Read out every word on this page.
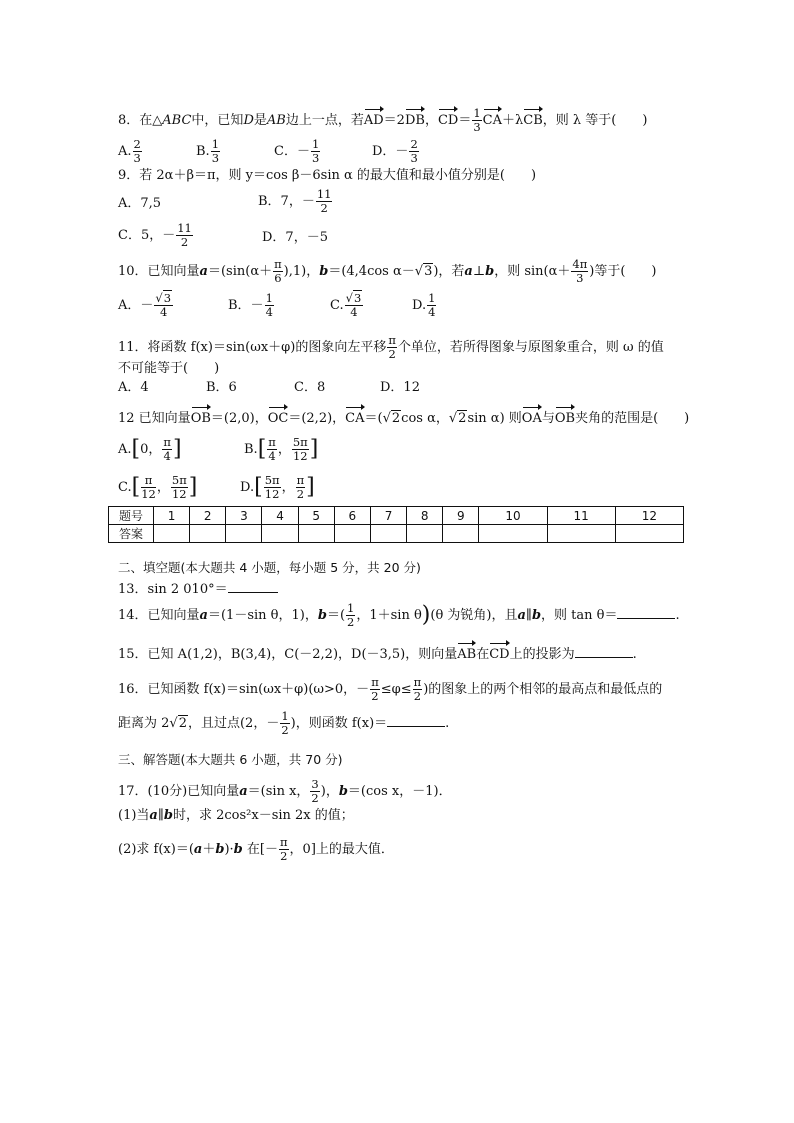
8．在△ABC中，已知D是AB边上一点，若AD＝2DB，$CD= \frac{1}{3} CA+\lambda CB$，则 λ 等于(　　)
A. $\frac{2}{3}$	B. $\frac{1}{3}$	C．－ $\frac{1}{3}$	D．－ $\frac{2}{3}$
9．若 2α＋β＝π，则 y＝cos β－6sin α 的最大值和最小值分别是(　　)
A．7,5	B．7，－ $\frac{11}{2}$
C．5，－ $\frac{11}{2}$	D．7，－5
10．已知向量$a=(\sin(\alpha+ \frac{\pi}{6} ),1)$，b＝(4,4cos α－√3)，若a⊥b，则 $\sin(\alpha+ \frac{4\pi}{3}$ )等于(　　)
A．－ $\frac{√3}{4}$	B．－ $\frac{1}{4}$	C. $\frac{√3}{4}$	D. $\frac{1}{4}$
11．将函数 f(x)＝sin(ωx＋φ)的图象向左平移 $\frac{\pi}{2}$ 个单位，若所得图象与原图象重合，则 ω 的值
不可能等于(　　)
A．4	B．6	C．8	D．12
12 已知向量OB＝(2,0)，OC＝(2,2)，CA＝(√2cos α，√2sin α) 则OA与OB夹角的范围是(　　)
A.[0， $\frac{\pi}{4}$ ]	$B.[ \frac{\pi}{4}$ ， $\frac{5\pi}{12}$ ]
$C.[ \frac{\pi}{12}$ ， $\frac{5\pi}{12}$ ]	$D.[ \frac{5\pi}{12}$ ， $\frac{\pi}{2}$ ]
题号	1	2	3	4	5	6	7	8	9	10	11	12
答案												
二、填空题(本大题共 4 小题，每小题 5 分，共 20 分)
13．sin 2 010°＝
14．已知向量a＝(1－sin θ，1)，$b=( \frac{1}{2}$ ，1＋sin θ)(θ 为锐角)，且a∥b，则 tan θ＝	.
15．已知 A(1,2)，B(3,4)，C(－2,2)，D(－3,5)，则向量AB在CD上的投影为	.
16．已知函数 f(x)＝sin(ωx＋φ)(ω>0，－ $\frac{\pi}{2} \le\varphi\le \frac{\pi}{2}$ )的图象上的两个相邻的最高点和最低点的
距离为 2√2，且过点(2，－ $\frac{1}{2}$ )，则函数 f(x)＝	.
三、解答题(本大题共 6 小题，共 70 分)
17．(10分)已知向量a＝(sin x， $\frac{3}{2}$ )，b＝(cos x，－1)．
(1)当a∥b时，求 2cos²x－sin 2x 的值；
(2)求 f(x)＝(a＋b)·b 在[－ $\frac{\pi}{2}$ ，0]上的最大值．
